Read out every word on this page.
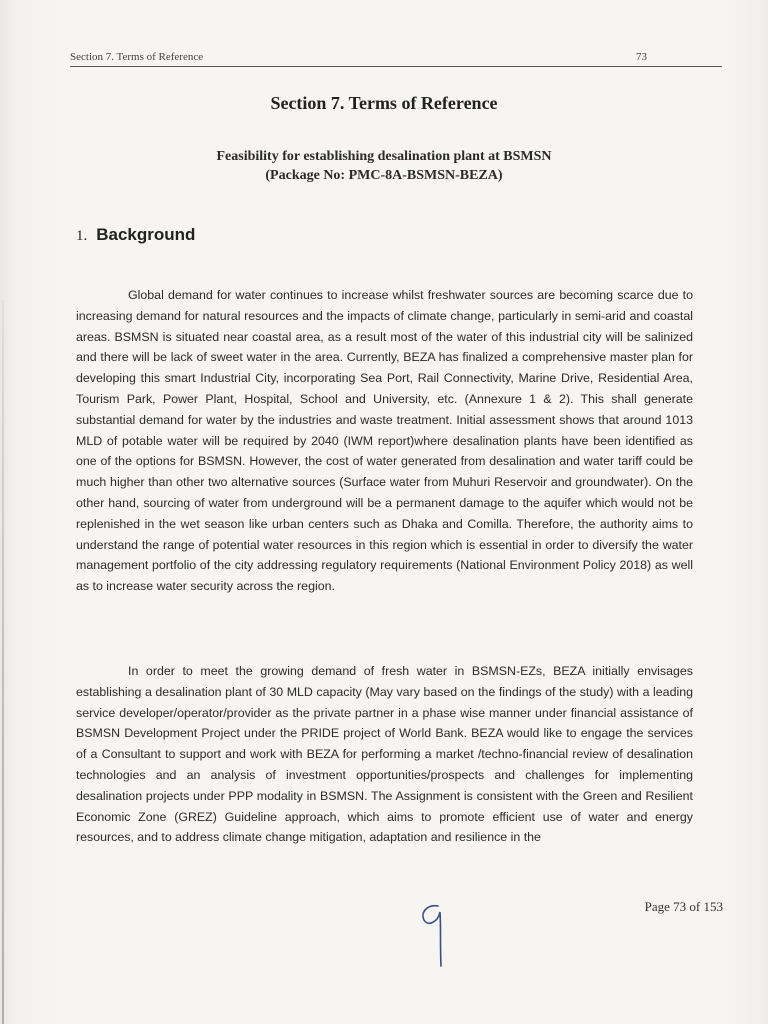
Section 7. Terms of Reference	73
Section 7. Terms of Reference
Feasibility for establishing desalination plant at BSMSN
(Package No: PMC-8A-BSMSN-BEZA)
1. Background
Global demand for water continues to increase whilst freshwater sources are becoming scarce due to increasing demand for natural resources and the impacts of climate change, particularly in semi-arid and coastal areas. BSMSN is situated near coastal area, as a result most of the water of this industrial city will be salinized and there will be lack of sweet water in the area. Currently, BEZA has finalized a comprehensive master plan for developing this smart Industrial City, incorporating Sea Port, Rail Connectivity, Marine Drive, Residential Area, Tourism Park, Power Plant, Hospital, School and University, etc. (Annexure 1 & 2). This shall generate substantial demand for water by the industries and waste treatment. Initial assessment shows that around 1013 MLD of potable water will be required by 2040 (IWM report)where desalination plants have been identified as one of the options for BSMSN. However, the cost of water generated from desalination and water tariff could be much higher than other two alternative sources (Surface water from Muhuri Reservoir and groundwater). On the other hand, sourcing of water from underground will be a permanent damage to the aquifer which would not be replenished in the wet season like urban centers such as Dhaka and Comilla. Therefore, the authority aims to understand the range of potential water resources in this region which is essential in order to diversify the water management portfolio of the city addressing regulatory requirements (National Environment Policy 2018) as well as to increase water security across the region.
In order to meet the growing demand of fresh water in BSMSN-EZs, BEZA initially envisages establishing a desalination plant of 30 MLD capacity (May vary based on the findings of the study) with a leading service developer/operator/provider as the private partner in a phase wise manner under financial assistance of BSMSN Development Project under the PRIDE project of World Bank. BEZA would like to engage the services of a Consultant to support and work with BEZA for performing a market /techno-financial review of desalination technologies and an analysis of investment opportunities/prospects and challenges for implementing desalination projects under PPP modality in BSMSN. The Assignment is consistent with the Green and Resilient Economic Zone (GREZ) Guideline approach, which aims to promote efficient use of water and energy resources, and to address climate change mitigation, adaptation and resilience in the
Page 73 of 153
